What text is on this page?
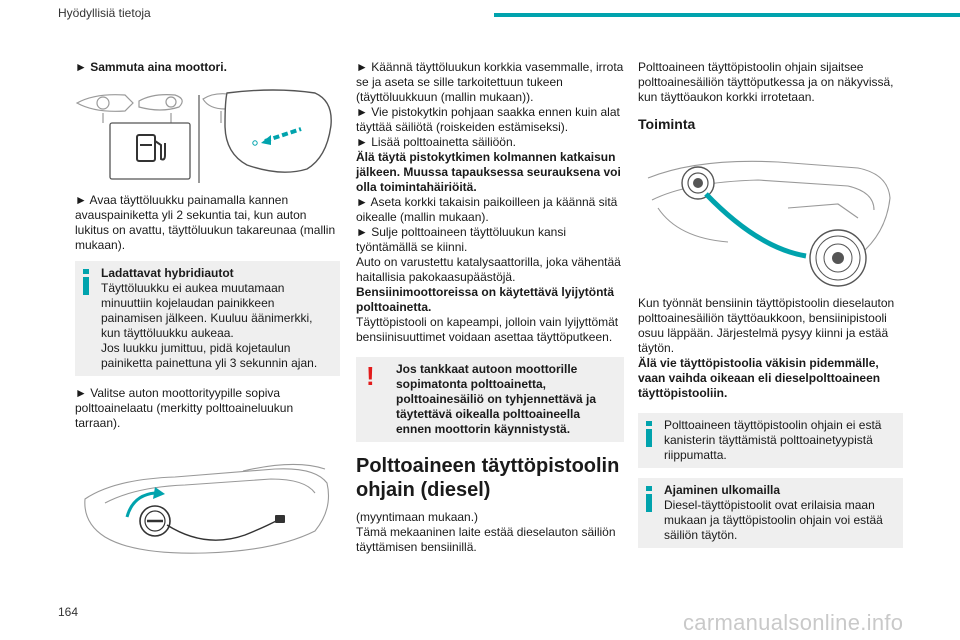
Hyödyllisiä tietoja

► Sammuta aina moottori.

► Avaa täyttöluukku painamalla kannen avauspainiketta yli 2 sekuntia tai, kun auton lukitus on avattu, täyttöluukun takareunaa (mallin mukaan).

Ladattavat hybridiautot

Täyttöluukku ei aukea muutamaan minuuttiin kojelaudan painikkeen painamisen jälkeen. Kuuluu äänimerkki, kun täyttöluukku aukeaa.

Jos luukku jumittuu, pidä kojetaulun painiketta painettuna yli 3 sekunnin ajan.

► Valitse auton moottorityypille sopiva polttoainelaatu (merkitty polttoaineluukun tarraan).

► Käännä täyttöluukun korkkia vasemmalle, irrota se ja aseta se sille tarkoitettuun tukeen (täyttöluukkuun (mallin mukaan)).

► Vie pistokytkin pohjaan saakka ennen kuin alat täyttää säiliötä (roiskeiden estämiseksi).

► Lisää polttoainetta säiliöön.

Älä täytä pistokytkimen kolmannen katkaisun jälkeen. Muussa tapauksessa seurauksena voi olla toimintahäiriöitä.

► Aseta korkki takaisin paikoilleen ja käännä sitä oikealle (mallin mukaan).

► Sulje polttoaineen täyttöluukun kansi työntämällä se kiinni.

Auto on varustettu katalysaattorilla, joka vähentää haitallisia pakokaasupäästöjä.

Bensiinimoottoreissa on käytettävä lyijytöntä polttoainetta.

Täyttöpistooli on kapeampi, jolloin vain lyijyttömät bensiinisuuttimet voidaan asettaa täyttöputkeen.

! Jos tankkaat autoon moottorille sopimatonta polttoainetta, polttoainesäiliö on tyhjennettävä ja täytettävä oikealla polttoaineella ennen moottorin käynnistystä.
Polttoaineen täyttöpistoolin ohjain (diesel)

(myyntimaan mukaan.)

Tämä mekaaninen laite estää dieselauton säiliön täyttämisen bensiinillä.

Polttoaineen täyttöpistoolin ohjain sijaitsee polttoainesäiliön täyttöputkessa ja on näkyvissä, kun täyttöaukon korkki irrotetaan.

Toiminta

Kun työnnät bensiinin täyttöpistoolin dieselauton polttoainesäiliön täyttöaukkoon, bensiinipistooli osuu läppään. Järjestelmä pysyy kiinni ja estää täytön.

Älä vie täyttöpistoolia väkisin pidemmälle, vaan vaihda oikeaan eli dieselpolttoaineen täyttöpistooliin.

Polttoaineen täyttöpistoolin ohjain ei estä kanisterin täyttämistä polttoainetyypistä riippumatta.

Ajaminen ulkomailla

Diesel-täyttöpistoolit ovat erilaisia maan mukaan ja täyttöpistoolin ohjain voi estää säiliön täytön.

164	carmanualsonline.info
